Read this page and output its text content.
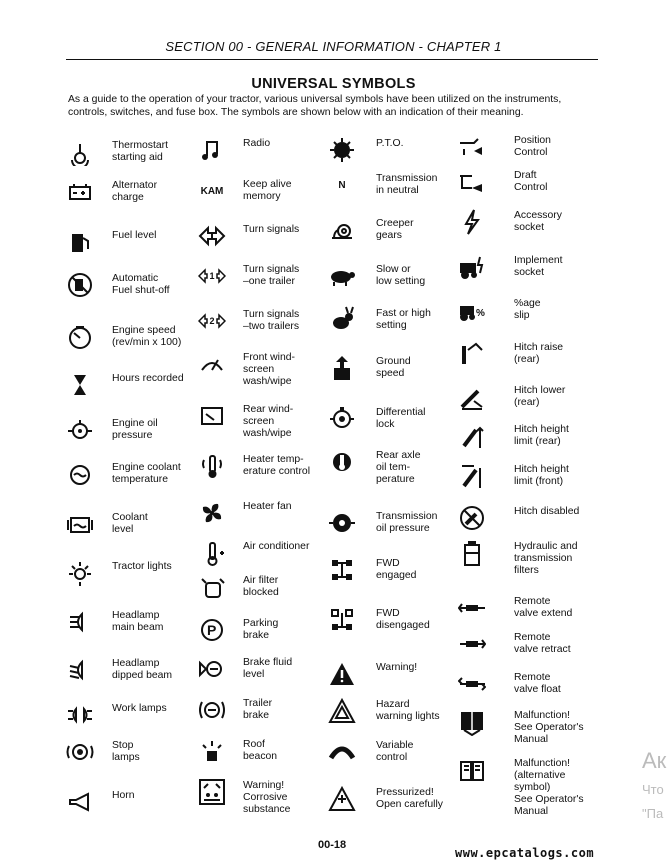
SECTION 00 - GENERAL INFORMATION - CHAPTER 1
UNIVERSAL SYMBOLS
As a guide to the operation of your tractor, various universal symbols have been utilized on the instruments, controls, switches, and fuse box. The symbols are shown below with an indication of their meaning.
Thermostart
starting aid
Alternator
charge
Fuel level
Automatic
Fuel shut-off
Engine speed
(rev/min x 100)
Hours recorded
Engine oil
pressure
Engine coolant
temperature
Coolant
level
Tractor lights
Headlamp
main beam
Headlamp
dipped beam
Work lamps
Stop
lamps
Horn
Radio
KAM
Keep alive
memory
Turn signals
1
Turn signals
–one trailer
2
Turn signals
–two trailers
Front wind-
screen
wash/wipe
Rear wind-
screen
wash/wipe
Heater temp-
erature control
Heater fan
Air conditioner
Air filter
blocked
P	Parking
brake
Brake fluid
level
Trailer
brake
Roof
beacon
Warning!
Corrosive
substance
P.T.O.
N
Transmission
in neutral
Creeper
gears
Slow or
low setting
Fast or high
setting
Ground
speed
Differential
lock
Rear axle
oil tem-
perature
Transmission
oil pressure
FWD
engaged
FWD
disengaged
Warning!
Hazard
warning lights
Variable
control
Pressurized!
Open carefully
Position
Control
Draft
Control
Accessory
socket
Implement
socket
%
%age
slip
Hitch raise
(rear)
Hitch lower
(rear)
Hitch height
limit (rear)
Hitch height
limit (front)
Hitch disabled
Hydraulic and
transmission
filters
Remote
valve extend
Remote
valve retract
Remote
valve float
Malfunction!
See Operator's
Manual
Malfunction!
(alternative
symbol)
See Operator's
Manual
00-18
www.epcatalogs.com
Ак
Что
"Па
